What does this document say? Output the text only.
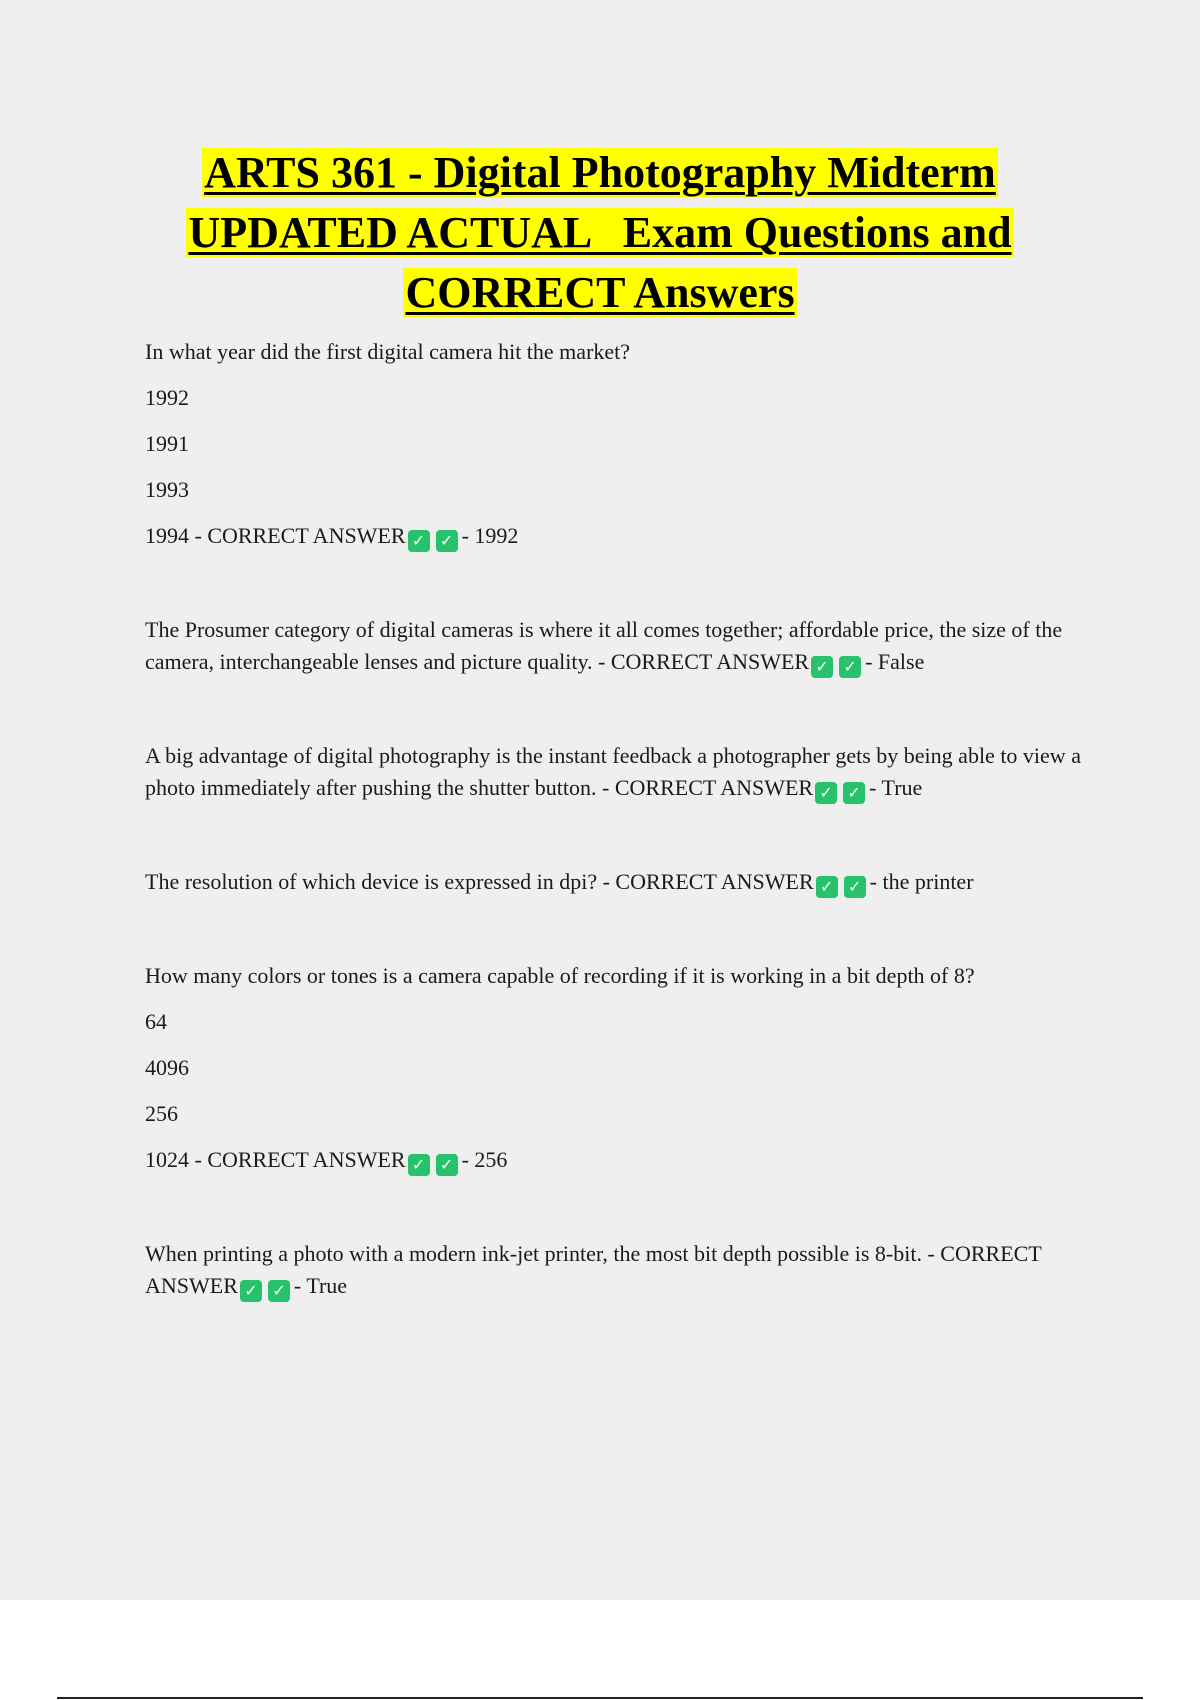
ARTS 361 - Digital Photography Midterm
UPDATED ACTUAL   Exam Questions and
CORRECT Answers

In what year did the first digital camera hit the market?

1992

1991

1993

1994 - CORRECT ANSWER ✓ ✓ - 1992

The Prosumer category of digital cameras is where it all comes together; affordable price, the size of the camera, interchangeable lenses and picture quality. - CORRECT ANSWER ✓ ✓ - False

A big advantage of digital photography is the instant feedback a photographer gets by being able to view a photo immediately after pushing the shutter button. - CORRECT ANSWER ✓ ✓ - True

The resolution of which device is expressed in dpi? - CORRECT ANSWER ✓ ✓ - the printer

How many colors or tones is a camera capable of recording if it is working in a bit depth of 8?

64

4096

256

1024 - CORRECT ANSWER ✓ ✓ - 256

When printing a photo with a modern ink-jet printer, the most bit depth possible is 8-bit. - CORRECT ANSWER ✓ ✓ - True
